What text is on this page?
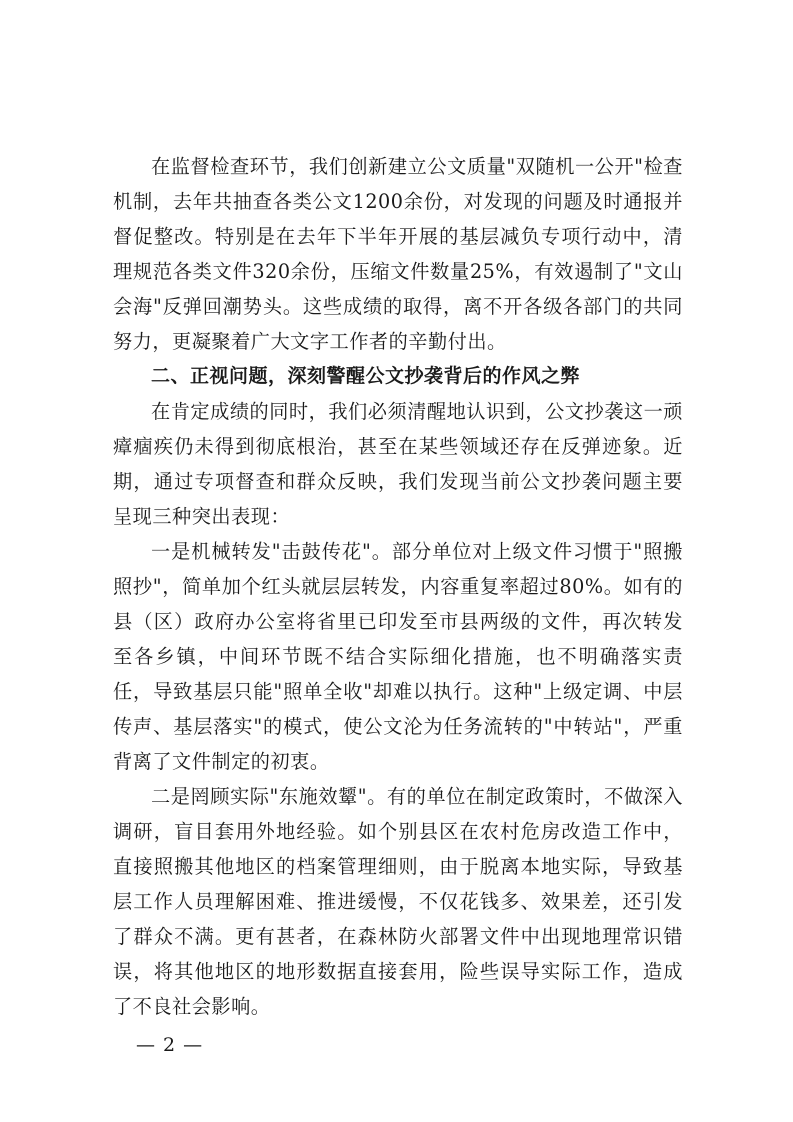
在监督检查环节，我们创新建立公文质量"双随机一公开"检查机制，去年共抽查各类公文1200余份，对发现的问题及时通报并督促整改。特别是在去年下半年开展的基层减负专项行动中，清理规范各类文件320余份，压缩文件数量25%，有效遏制了"文山会海"反弹回潮势头。这些成绩的取得，离不开各级各部门的共同努力，更凝聚着广大文字工作者的辛勤付出。

二、正视问题，深刻警醒公文抄袭背后的作风之弊

在肯定成绩的同时，我们必须清醒地认识到，公文抄袭这一顽瘴痼疾仍未得到彻底根治，甚至在某些领域还存在反弹迹象。近期，通过专项督查和群众反映，我们发现当前公文抄袭问题主要呈现三种突出表现：

一是机械转发"击鼓传花"。部分单位对上级文件习惯于"照搬照抄"，简单加个红头就层层转发，内容重复率超过80%。如有的县（区）政府办公室将省里已印发至市县两级的文件，再次转发至各乡镇，中间环节既不结合实际细化措施，也不明确落实责任，导致基层只能"照单全收"却难以执行。这种"上级定调、中层传声、基层落实"的模式，使公文沦为任务流转的"中转站"，严重背离了文件制定的初衷。

二是罔顾实际"东施效颦"。有的单位在制定政策时，不做深入调研，盲目套用外地经验。如个别县区在农村危房改造工作中，直接照搬其他地区的档案管理细则，由于脱离本地实际，导致基层工作人员理解困难、推进缓慢，不仅花钱多、效果差，还引发了群众不满。更有甚者，在森林防火部署文件中出现地理常识错误，将其他地区的地形数据直接套用，险些误导实际工作，造成了不良社会影响。

— 2 —
